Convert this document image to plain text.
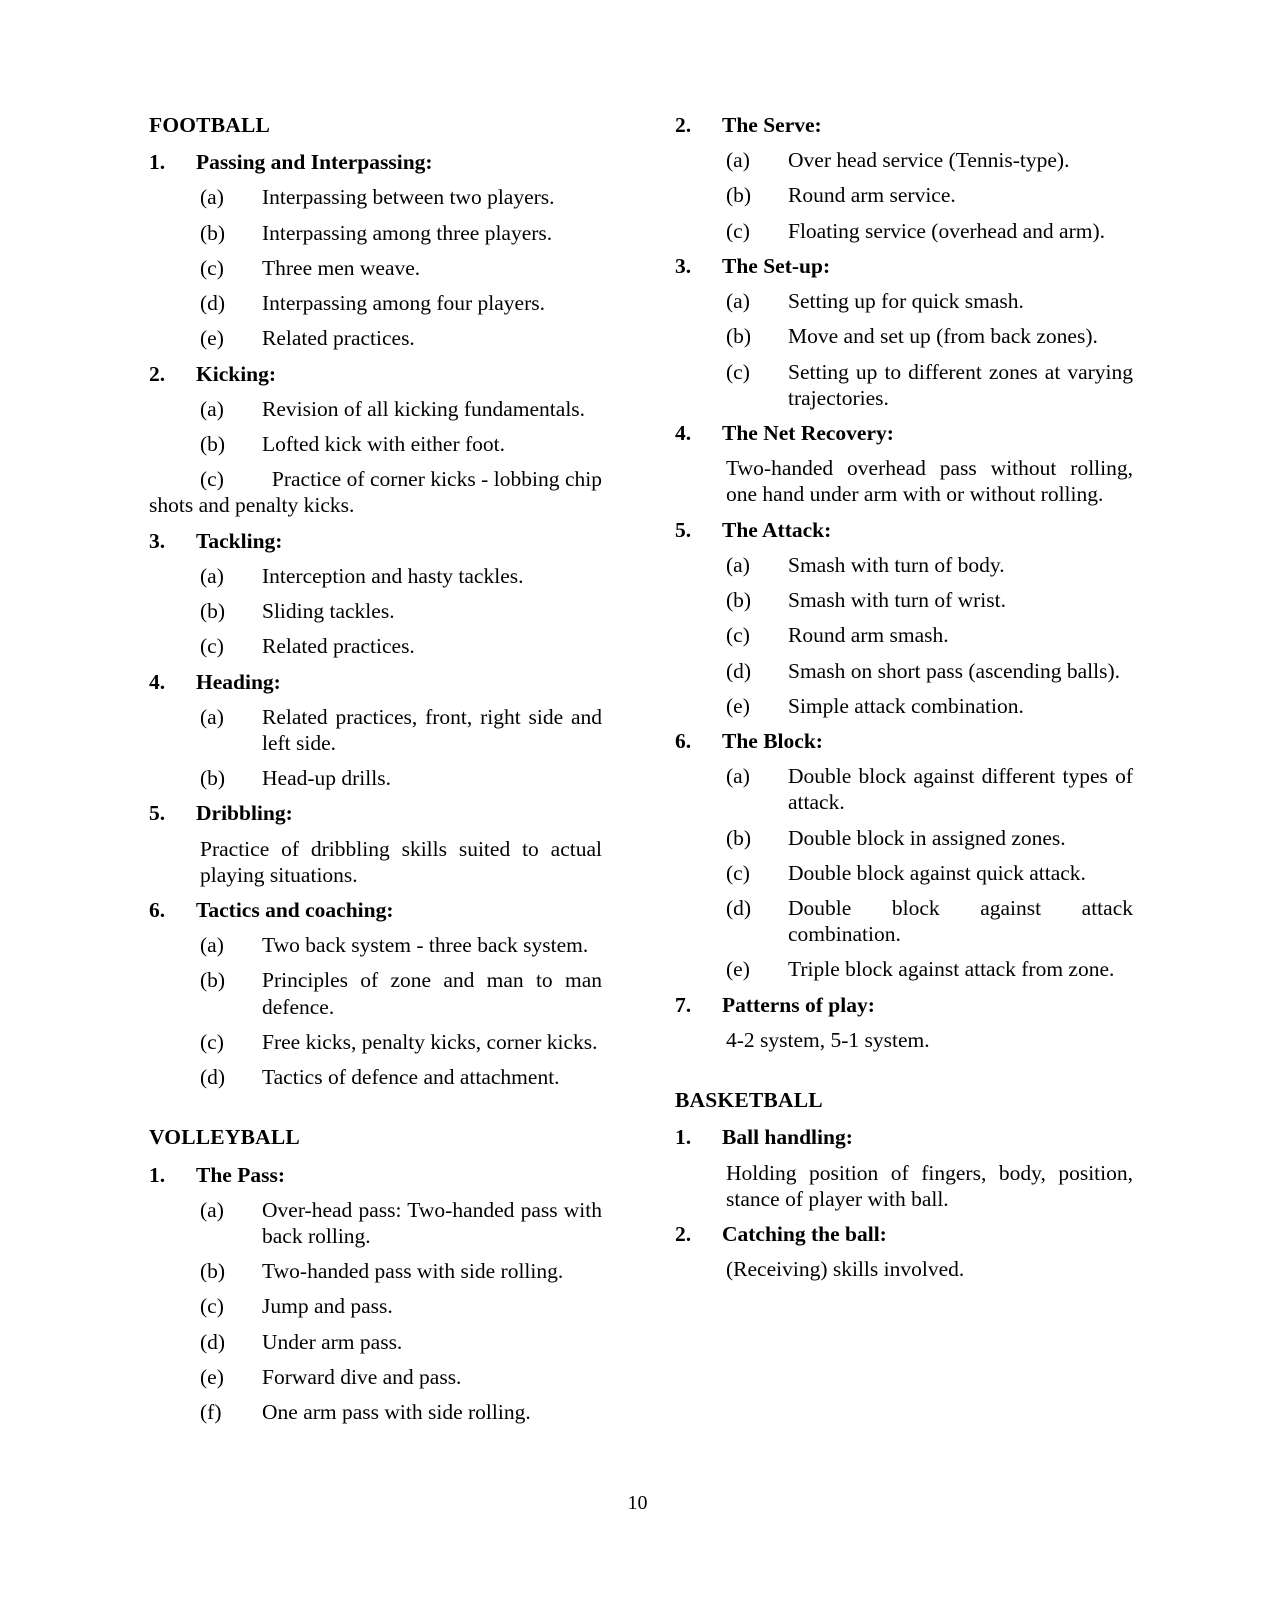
FOOTBALL
1. Passing and Interpassing:
(a) Interpassing between two players.
(b) Interpassing among three players.
(c) Three men weave.
(d) Interpassing among four players.
(e) Related practices.
2. Kicking:
(a) Revision of all kicking fundamentals.
(b) Lofted kick with either foot.
(c) Practice of corner kicks - lobbing chip shots and penalty kicks.
3. Tackling:
(a) Interception and hasty tackles.
(b) Sliding tackles.
(c) Related practices.
4. Heading:
(a) Related practices, front, right side and left side.
(b) Head-up drills.
5. Dribbling:
Practice of dribbling skills suited to actual playing situations.
6. Tactics and coaching:
(a) Two back system - three back system.
(b) Principles of zone and man to man defence.
(c) Free kicks, penalty kicks, corner kicks.
(d) Tactics of defence and attachment.
VOLLEYBALL
1. The Pass:
(a) Over-head pass: Two-handed pass with back rolling.
(b) Two-handed pass with side rolling.
(c) Jump and pass.
(d) Under arm pass.
(e) Forward dive and pass.
(f) One arm pass with side rolling.
2. The Serve:
(a) Over head service (Tennis-type).
(b) Round arm service.
(c) Floating service (overhead and arm).
3. The Set-up:
(a) Setting up for quick smash.
(b) Move and set up (from back zones).
(c) Setting up to different zones at varying trajectories.
4. The Net Recovery:
Two-handed overhead pass without rolling, one hand under arm with or without rolling.
5. The Attack:
(a) Smash with turn of body.
(b) Smash with turn of wrist.
(c) Round arm smash.
(d) Smash on short pass (ascending balls).
(e) Simple attack combination.
6. The Block:
(a) Double block against different types of attack.
(b) Double block in assigned zones.
(c) Double block against quick attack.
(d) Double block against attack combination.
(e) Triple block against attack from zone.
7. Patterns of play:
4-2 system, 5-1 system.
BASKETBALL
1. Ball handling:
Holding position of fingers, body, position, stance of player with ball.
2. Catching the ball:
(Receiving) skills involved.
10
